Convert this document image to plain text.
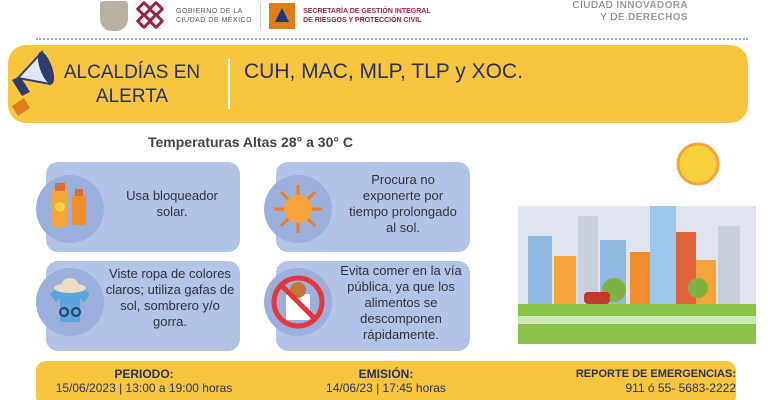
GOBIERNO DE LA
CIUDAD DE MÉXICO
SECRETARÍA DE GESTIÓN INTEGRAL
DE RIESGOS Y PROTECCIÓN CIVIL
CIUDAD INNOVADORA
Y DE DERECHOS
ALCALDÍAS EN
ALERTA
CUH, MAC, MLP, TLP y XOC.
Temperaturas Altas 28° a 30° C
Usa bloqueador solar.
Procura no exponerte por tiempo prolongado al sol.
Viste ropa de colores claros; utiliza gafas de sol, sombrero y/o gorra.
Evita comer en la vía pública, ya que los alimentos se descomponen rápidamente.
PERIODO:
15/06/2023 | 13:00 a 19:00 horas
EMISIÓN:
14/06/23 | 17:45 horas
REPORTE DE EMERGENCIAS:
911 ó 55- 5683-2222
